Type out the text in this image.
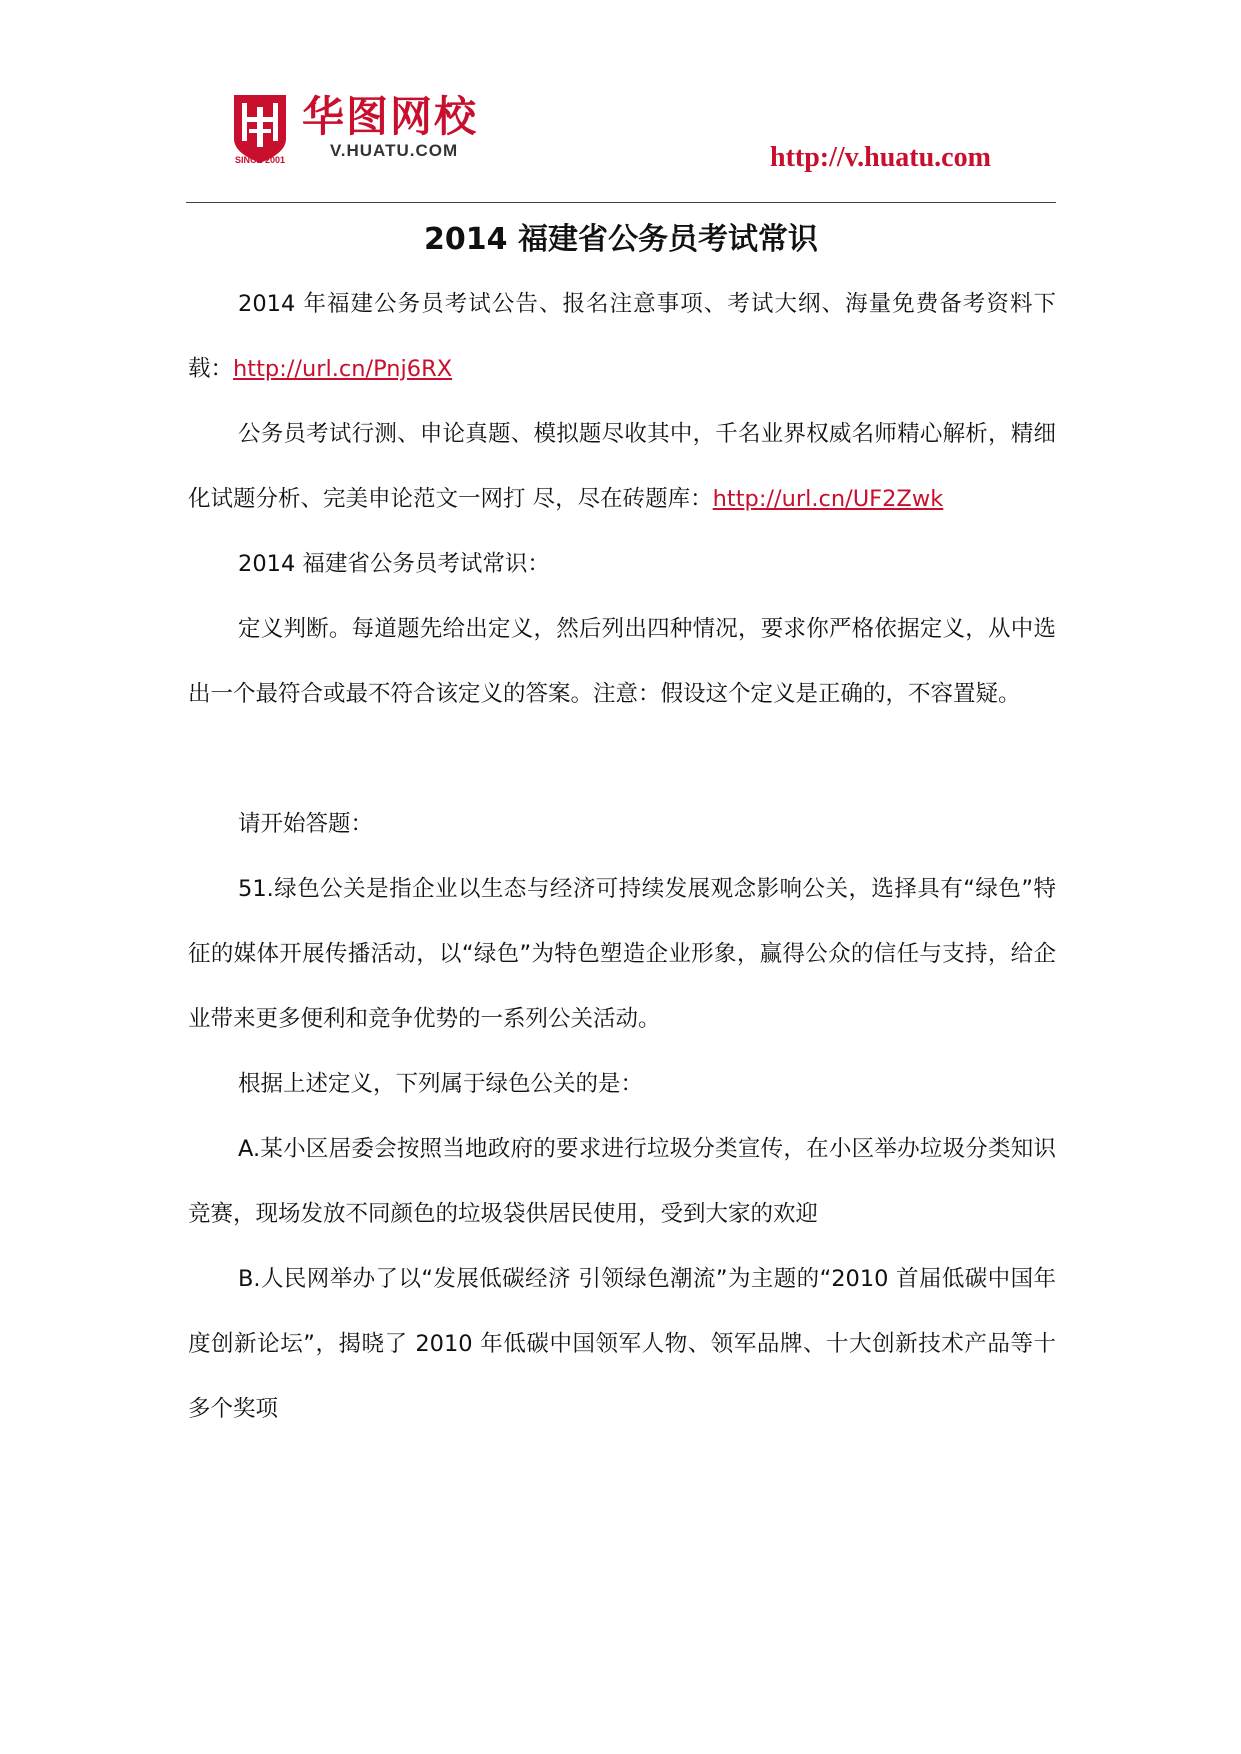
SINCE 2001
华图网校
V.HUATU.COM	http://v.huatu.com
2014 福建省公务员考试常识

2014 年福建公务员考试公告、报名注意事项、考试大纲、海量免费备考资料下载：http://url.cn/Pnj6RX

公务员考试行测、申论真题、模拟题尽收其中，千名业界权威名师精心解析，精细化试题分析、完美申论范文一网打 尽，尽在砖题库：http://url.cn/UF2Zwk

2014 福建省公务员考试常识：

定义判断。每道题先给出定义，然后列出四种情况，要求你严格依据定义，从中选出一个最符合或最不符合该定义的答案。注意：假设这个定义是正确的，不容置疑。

请开始答题：

51.绿色公关是指企业以生态与经济可持续发展观念影响公关，选择具有“绿色”特征的媒体开展传播活动，以“绿色”为特色塑造企业形象，赢得公众的信任与支持，给企业带来更多便利和竞争优势的一系列公关活动。

根据上述定义，下列属于绿色公关的是：

A.某小区居委会按照当地政府的要求进行垃圾分类宣传，在小区举办垃圾分类知识竞赛，现场发放不同颜色的垃圾袋供居民使用，受到大家的欢迎

B.人民网举办了以“发展低碳经济 引领绿色潮流”为主题的“2010 首届低碳中国年度创新论坛”，揭晓了 2010 年低碳中国领军人物、领军品牌、十大创新技术产品等十多个奖项
